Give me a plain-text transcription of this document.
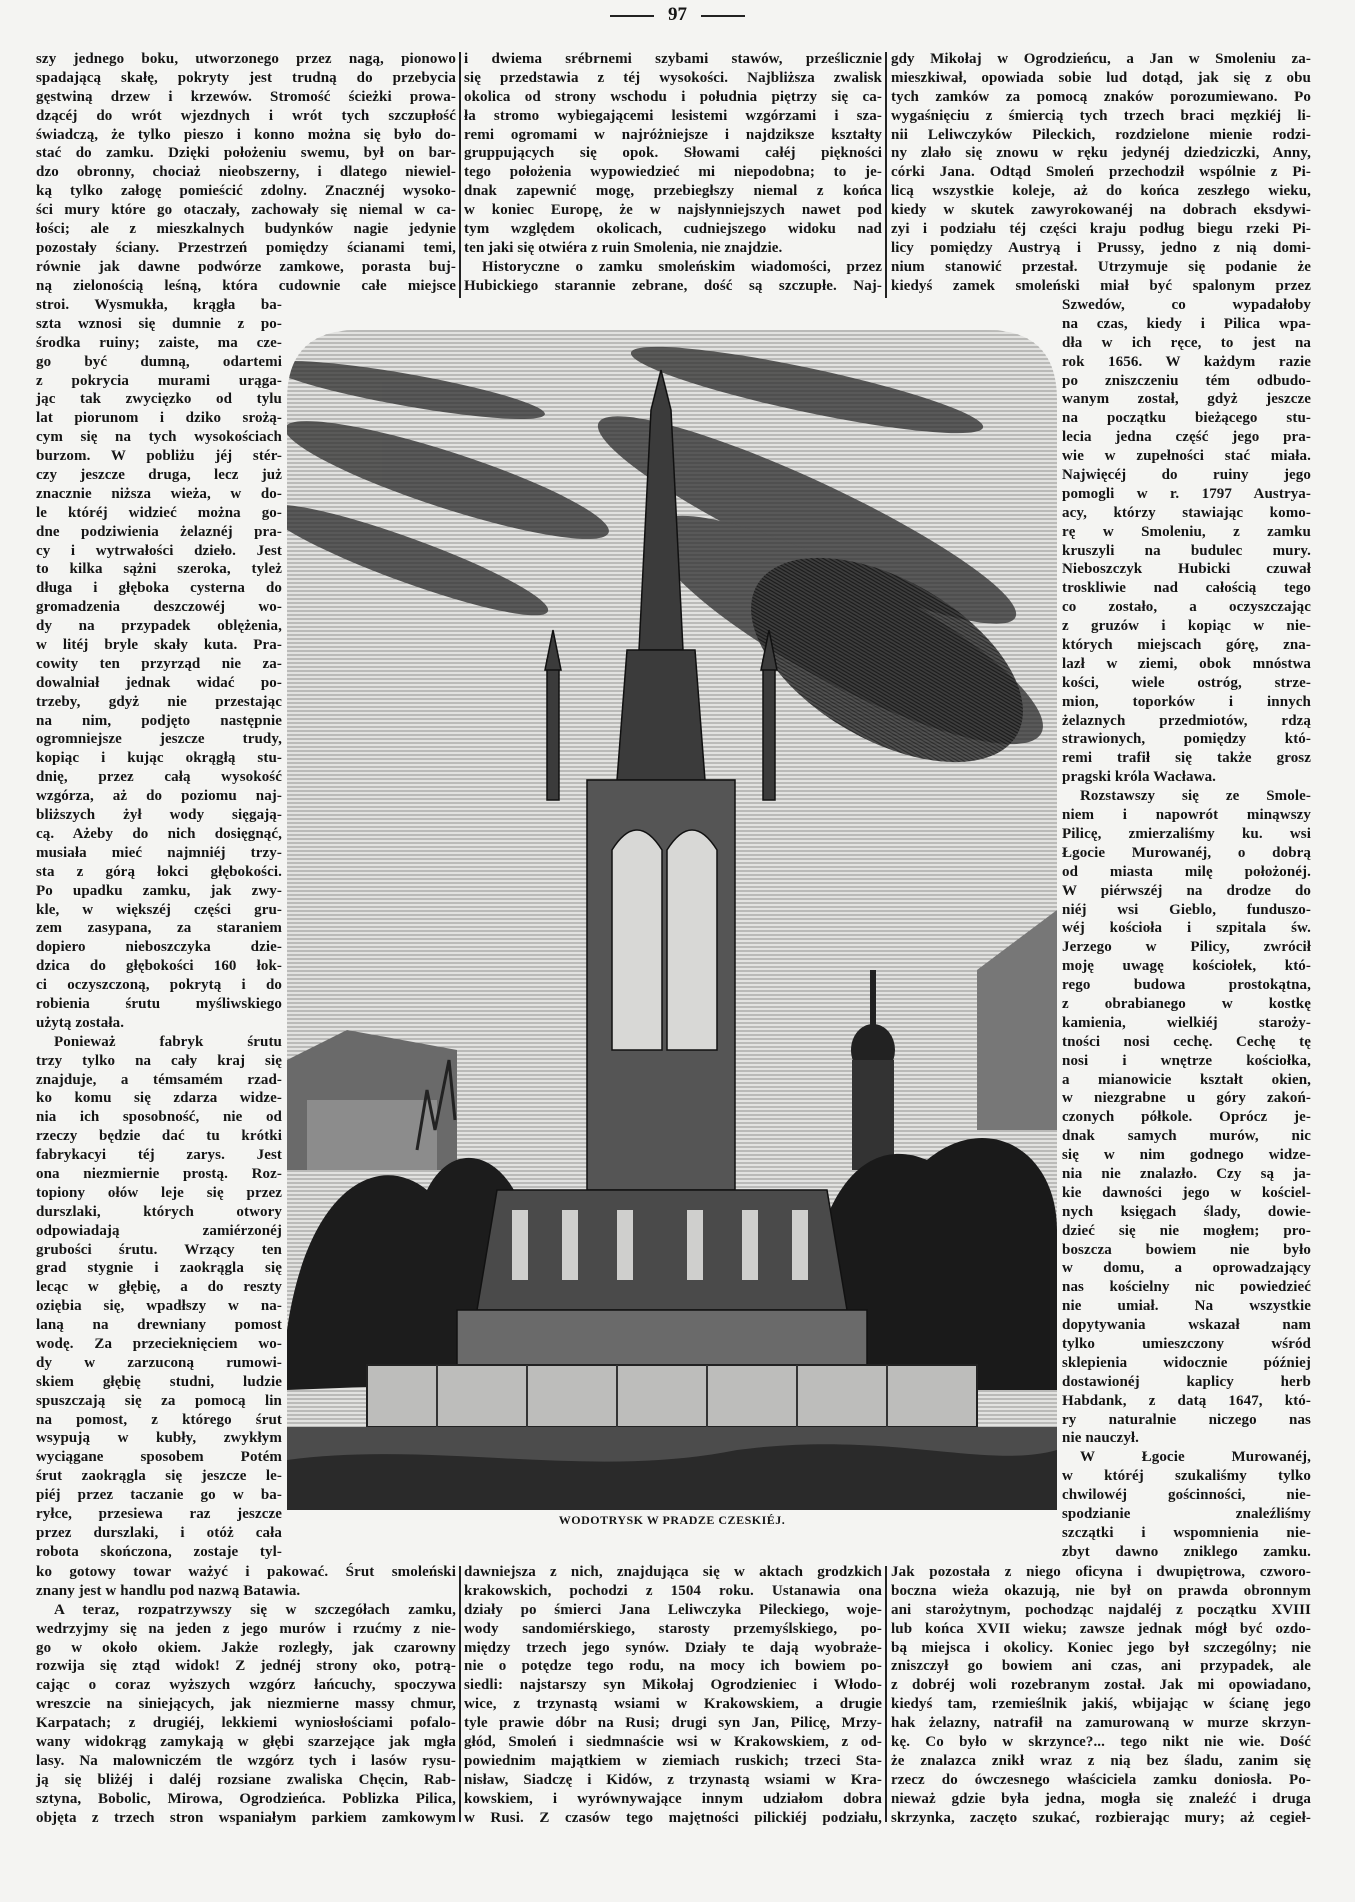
97
szy jednego boku, utworzonego przez nagą, pionowo
spadającą skałę, pokryty jest trudną do przebycia
gęstwiną drzew i krzewów. Stromość ścieżki prowa-
dzącéj do wrót wjezdnych i wrót tych szczupłość
świadczą, że tylko pieszo i konno można się było do-
stać do zamku. Dzięki położeniu swemu, był on bar-
dzo obronny, chociaż nieobszerny, i dlatego niewiel-
ką tylko załogę pomieścić zdolny. Znacznéj wysoko-
ści mury które go otaczały, zachowały się niemal w ca-
łości; ale z mieszkalnych budynków nagie jedynie
pozostały ściany. Przestrzeń pomiędzy ścianami temi,
równie jak dawne podwórze zamkowe, porasta buj-
ną zielonością leśną, która cudownie całe miejsce
stroi. Wysmukła, krągła ba-
szta wznosi się dumnie z po-
środka ruiny; zaiste, ma cze-
go być dumną, odartemi
z pokrycia murami urąga-
jąc tak zwycięzko od tylu
lat piorunom i dziko srożą-
cym się na tych wysokościach
burzom. W pobliżu jéj stér-
czy jeszcze druga, lecz już
znacznie niższa wieża, w do-
le któréj widzieć można go-
dne podziwienia żelaznéj pra-
cy i wytrwałości dzieło. Jest
to kilka sążni szeroka, tyleż
długa i głęboka cysterna do
gromadzenia deszczowéj wo-
dy na przypadek oblężenia,
w litéj bryle skały kuta. Pra-
cowity ten przyrząd nie za-
dowalniał jednak widać po-
trzeby, gdyż nie przestając
na nim, podjęto następnie
ogromniejsze jeszcze trudy,
kopiąc i kując okrągłą stu-
dnię, przez całą wysokość
wzgórza, aż do poziomu naj-
bliższych żył wody sięgają-
cą. Ażeby do nich dosięgnąć,
musiała mieć najmniéj trzy-
sta z górą łokci głębokości.
Po upadku zamku, jak zwy-
kle, w większéj części gru-
zem zasypana, za staraniem
dopiero nieboszczyka dzie-
dzica do głębokości 160 łok-
ci oczyszczoną, pokrytą i do
robienia śrutu myśliwskiego
użytą została.
Ponieważ fabryk śrutu
trzy tylko na cały kraj się
znajduje, a témsamém rzad-
ko komu się zdarza widze-
nia ich sposobność, nie od
rzeczy będzie dać tu krótki
fabrykacyi téj zarys. Jest
ona niezmiernie prostą. Roz-
topiony ołów leje się przez
durszlaki, których otwory
odpowiadają zamiérzonéj
grubości śrutu. Wrzący ten
grad stygnie i zaokrągla się
lecąc w głębię, a do reszty
oziębia się, wpadłszy w na-
laną na drewniany pomost
wodę. Za przecieknięciem wo-
dy w zarzuconą rumowi-
skiem głębię studni, ludzie
spuszczają się za pomocą lin
na pomost, z którego śrut
wsypują w kubły, zwykłym
wyciągane sposobem Potém
śrut zaokrągla się jeszcze le-
piéj przez taczanie go w ba-
ryłce, przesiewa raz jeszcze
przez durszlaki, i otóż cała
robota skończona, zostaje tyl-
ko gotowy towar ważyć i pakować. Śrut smoleński
znany jest w handlu pod nazwą Batawia.
A teraz, rozpatrzywszy się w szczegółach zamku,
wedrzyjmy się na jeden z jego murów i rzućmy z nie-
go w około okiem. Jakże rozległy, jak czarowny
rozwija się ztąd widok! Z jednéj strony oko, potrą-
cając o coraz wyższych wzgórz łańcuchy, spoczywa
wreszcie na siniejących, jak niezmierne massy chmur,
Karpatach; z drugiéj, lekkiemi wyniosłościami pofalo-
wany widokrąg zamykają w głębi szarzejące jak mgła
lasy. Na malowniczém tle wzgórz tych i lasów rysu-
ją się bliżéj i daléj rozsiane zwaliska Chęcin, Rab-
sztyna, Bobolic, Mirowa, Ogrodzieńca. Poblizka Pilica,
objęta z trzech stron wspaniałym parkiem zamkowym
i dwiema srébrnemi szybami stawów, prześlicznie
się przedstawia z téj wysokości. Najbliższa zwalisk
okolica od strony wschodu i południa piętrzy się ca-
ła stromo wybiegającemi lesistemi wzgórzami i sza-
remi ogromami w najróżniejsze i najdziksze kształty
gruppujących się opok. Słowami całéj piękności
tego położenia wypowiedzieć mi niepodobna; to je-
dnak zapewnić mogę, przebiegłszy niemal z końca
w koniec Europę, że w najsłynniejszych nawet pod
tym względem okolicach, cudniejszego widoku nad
ten jaki się otwiéra z ruin Smolenia, nie znajdzie.
Historyczne o zamku smoleńskim wiadomości, przez
Hubickiego starannie zebrane, dość są szczupłe. Naj-
dawniejsza z nich, znajdująca się w aktach grodzkich
krakowskich, pochodzi z 1504 roku. Ustanawia ona
działy po śmierci Jana Leliwczyka Pileckiego, woje-
wody sandomiérskiego, starosty przemyślskiego, po-
między trzech jego synów. Działy te dają wyobraże-
nie o potędze tego rodu, na mocy ich bowiem po-
siedli: najstarszy syn Mikołaj Ogrodzieniec i Włodo-
wice, z trzynastą wsiami w Krakowskiem, a drugie
tyle prawie dóbr na Rusi; drugi syn Jan, Pilicę, Mrzy-
głód, Smoleń i siedmnaście wsi w Krakowskiem, z od-
powiednim majątkiem w ziemiach ruskich; trzeci Sta-
nisław, Siadczę i Kidów, z trzynastą wsiami w Kra-
kowskiem, i wyrównywające innym udziałom dobra
w Rusi. Z czasów tego majętności pilickiéj podziału,
gdy Mikołaj w Ogrodzieńcu, a Jan w Smoleniu za-
mieszkiwał, opowiada sobie lud dotąd, jak się z obu
tych zamków za pomocą znaków porozumiewano. Po
wygaśnięciu z śmiercią tych trzech braci męzkiéj li-
nii Leliwczyków Pileckich, rozdzielone mienie rodzi-
ny zlało się znowu w ręku jedynéj dziedziczki, Anny,
córki Jana. Odtąd Smoleń przechodził wspólnie z Pi-
licą wszystkie koleje, aż do końca zeszłego wieku,
kiedy w skutek zawyrokowanéj na dobrach eksdywi-
zyi i podziału téj części kraju podług biegu rzeki Pi-
licy pomiędzy Austryą i Prussy, jedno z nią domi-
nium stanowić przestał. Utrzymuje się podanie że
kiedyś zamek smoleński miał być spalonym przez
Szwedów, co wypadałoby
na czas, kiedy i Pilica wpa-
dła w ich ręce, to jest na
rok 1656. W każdym razie
po zniszczeniu tém odbudo-
wanym został, gdyż jeszcze
na początku bieżącego stu-
lecia jedna część jego pra-
wie w zupełności stać miała.
Najwięcéj do ruiny jego
pomogli w r. 1797 Austrya-
acy, którzy stawiając komo-
rę w Smoleniu, z zamku
kruszyli na budulec mury.
Nieboszczyk Hubicki czuwał
troskliwie nad całością tego
co zostało, a oczyszczając
z gruzów i kopiąc w nie-
których miejscach górę, zna-
lazł w ziemi, obok mnóstwa
kości, wiele ostróg, strze-
mion, toporków i innych
żelaznych przedmiotów, rdzą
strawionych, pomiędzy któ-
remi trafił się także grosz
pragski króla Wacława.
Rozstawszy się ze Smole-
niem i napowrót minąwszy
Pilicę, zmierzaliśmy ku. wsi
Łgocie Murowanéj, o dobrą
od miasta milę położonéj.
W piérwszéj na drodze do
niéj wsi Gieblo, funduszo-
wéj kościoła i szpitala św.
Jerzego w Pilicy, zwrócił
moję uwagę kościołek, któ-
rego budowa prostokątna,
z obrabianego w kostkę
kamienia, wielkiéj staroży-
tności nosi cechę. Cechę tę
nosi i wnętrze kościołka,
a mianowicie kształt okien,
w niezgrabne u góry zakoń-
czonych półkole. Oprócz je-
dnak samych murów, nic
się w nim godnego widze-
nia nie znalazło. Czy są ja-
kie dawności jego w kościel-
nych księgach ślady, dowie-
dzieć się nie mogłem; pro-
boszcza bowiem nie było
w domu, a oprowadzający
nas kościelny nic powiedzieć
nie umiał. Na wszystkie
dopytywania wskazał nam
tylko umieszczony wśród
sklepienia widocznie później
dostawionéj kaplicy herb
Habdank, z datą 1647, któ-
ry naturalnie niczego nas
nie nauczył.
W Łgocie Murowanéj,
w któréj szukaliśmy tylko
chwilowéj gościnności, nie-
spodzianie znaleźliśmy
szczątki i wspomnienia nie-
zbyt dawno zniklego zamku.
Jak pozostała z niego oficyna i dwupiętrowa, czworo-
boczna wieża okazują, nie był on prawda obronnym
ani starożytnym, pochodząc najdaléj z początku XVIII
lub końca XVII wieku; zawsze jednak mógł być ozdo-
bą miejsca i okolicy. Koniec jego był szczególny; nie
zniszczył go bowiem ani czas, ani przypadek, ale
z dobréj woli rozebranym został. Jak mi opowiadano,
kiedyś tam, rzemieślnik jakiś, wbijając w ścianę jego
hak żelazny, natrafił na zamurowaną w murze skrzyn-
kę. Co było w skrzynce?... tego nikt nie wie. Dość
że znalazca znikł wraz z nią bez śladu, zanim się
rzecz do ówczesnego właściciela zamku doniosła. Po-
nieważ gdzie była jedna, mogła się znaleźć i druga
skrzynka, zaczęto szukać, rozbierając mury; aż cegieł-
WODOTRYSK W PRADZE CZESKIÉJ.
